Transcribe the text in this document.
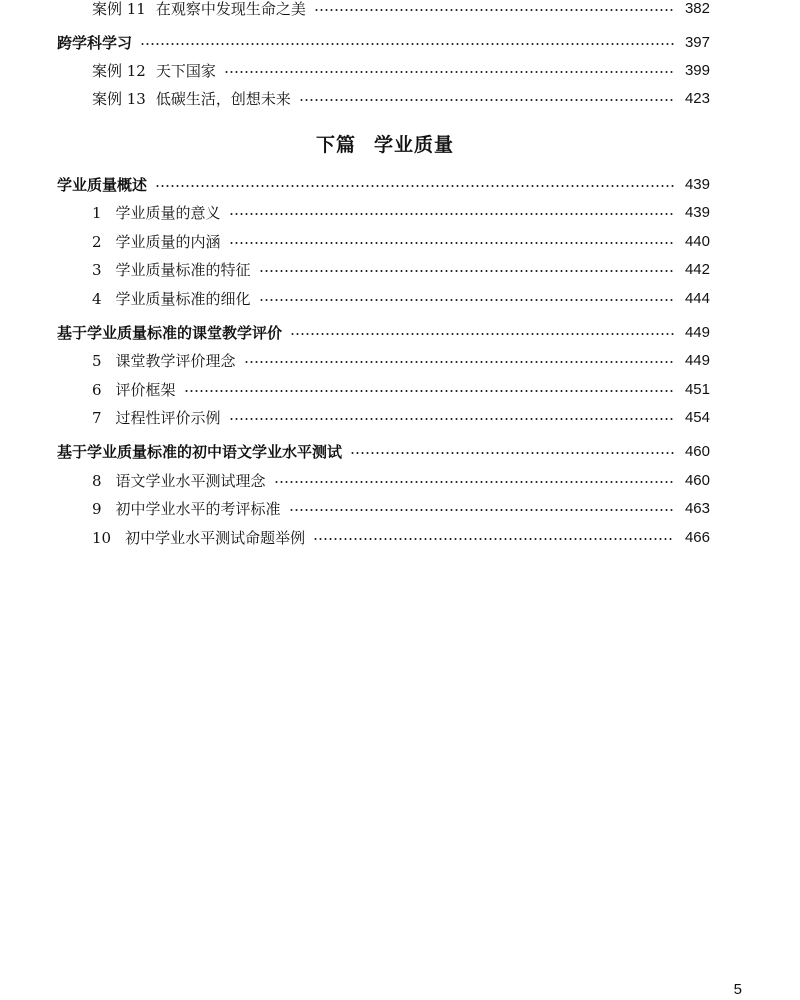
案例 11 在观察中发现生命之美	382
跨学科学习	397
案例 12 天下国家	399
案例 13 低碳生活，创想未来	423
下篇 学业质量
学业质量概述	439
1 学业质量的意义	439
2 学业质量的内涵	440
3 学业质量标准的特征	442
4 学业质量标准的细化	444
基于学业质量标准的课堂教学评价	449
5 课堂教学评价理念	449
6 评价框架	451
7 过程性评价示例	454
基于学业质量标准的初中语文学业水平测试	460
8 语文学业水平测试理念	460
9 初中学业水平的考评标准	463
10 初中学业水平测试命题举例	466
5
